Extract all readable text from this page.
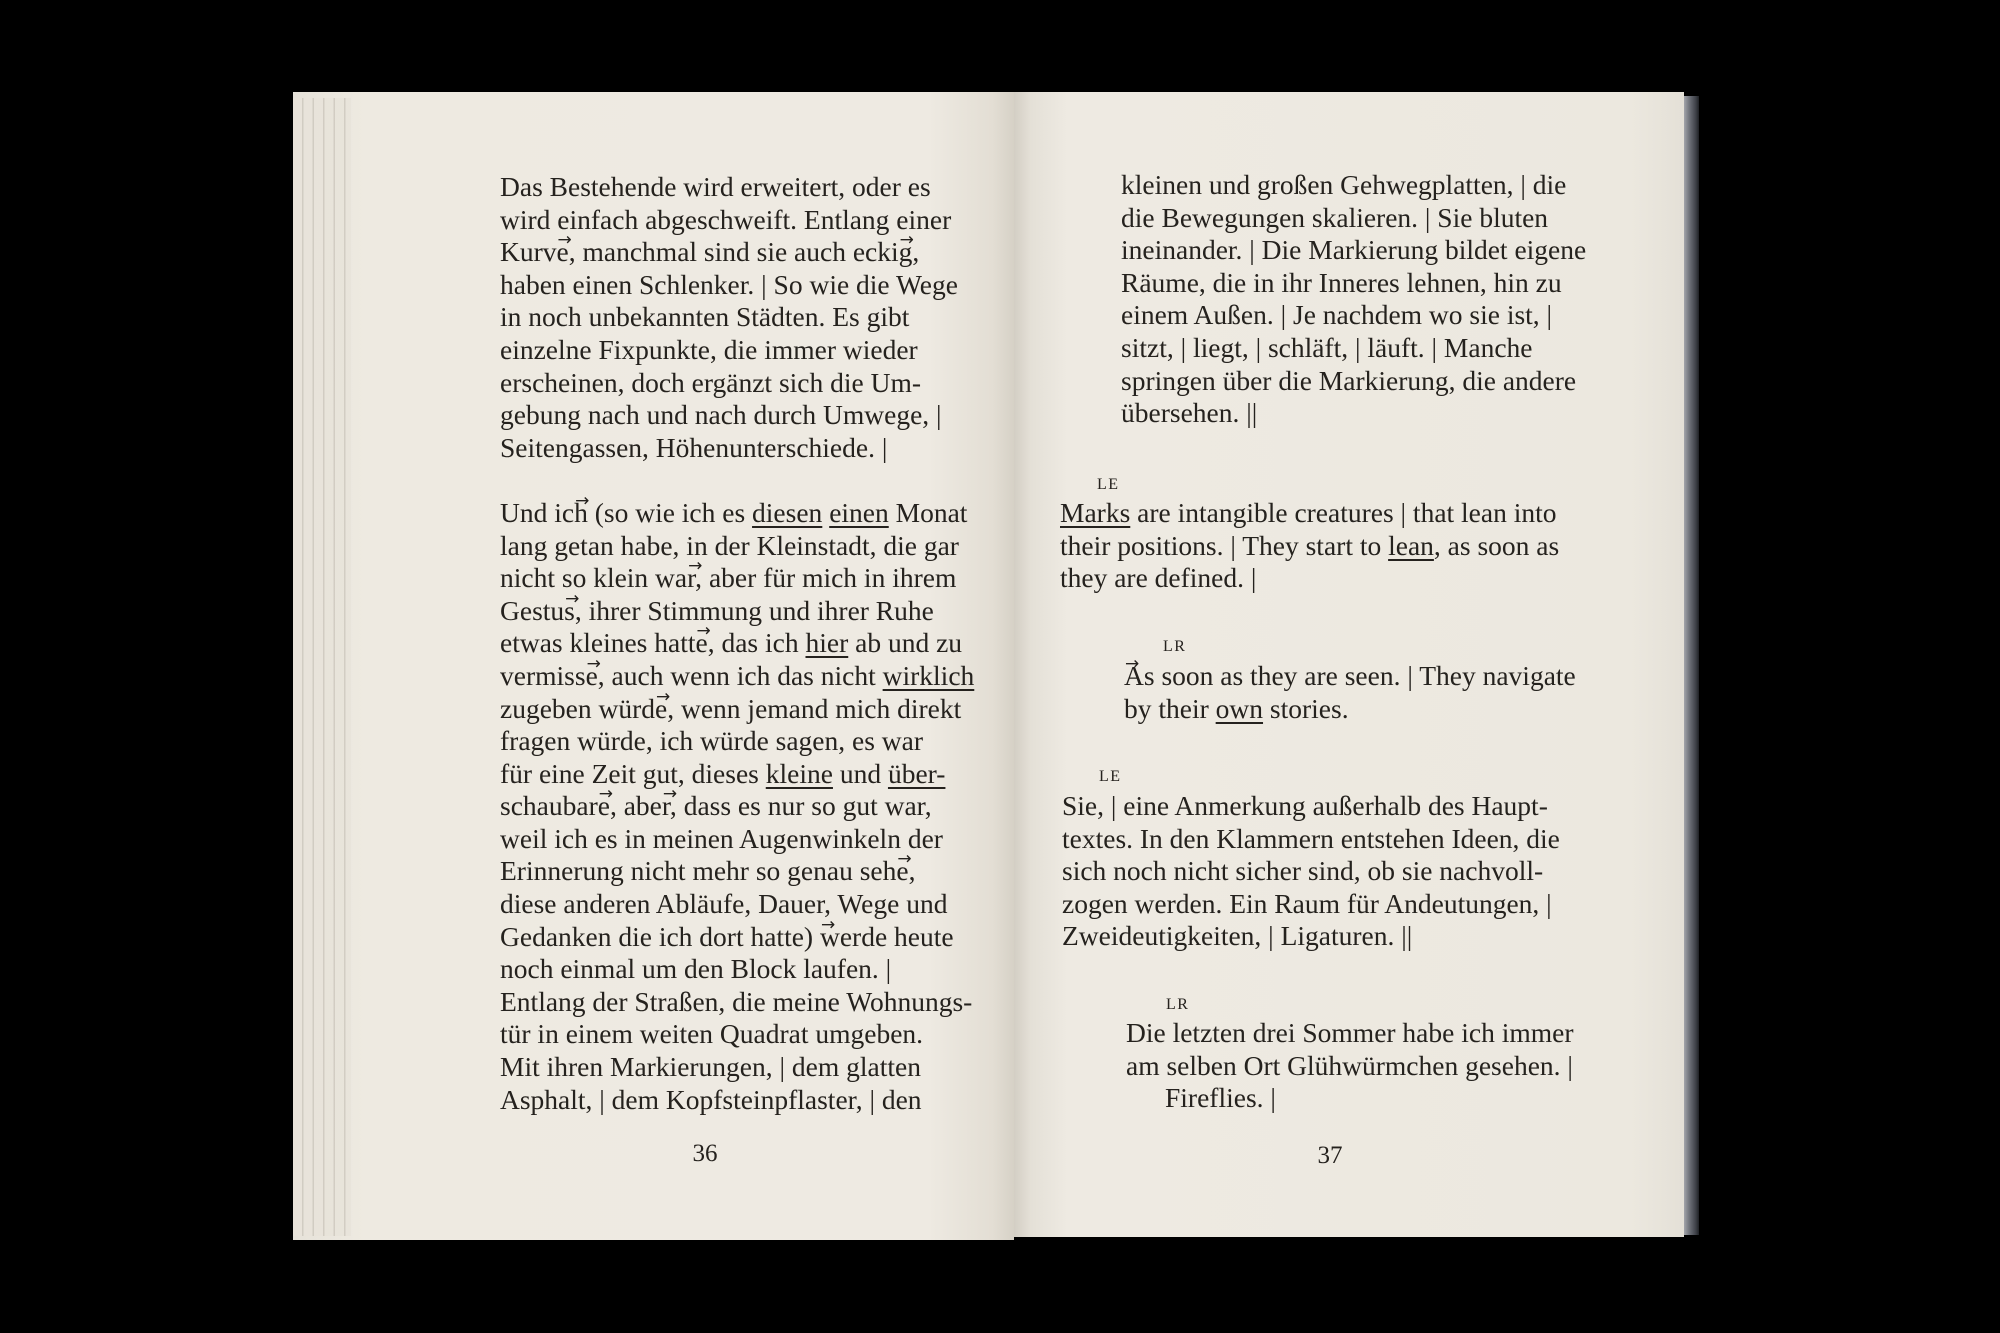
Das Bestehende wird erweitert, oder es
wird einfach abgeschweift. Entlang einer
Kurve, → manchmal sind sie auch eckig, →
haben einen Schlenker. | So wie die Wege
in noch unbekannten Städten. Es gibt
einzelne Fixpunkte, die immer wieder
erscheinen, doch ergänzt sich die Um-
gebung nach und nach durch Umwege, |
Seitengassen, Höhenunterschiede. |
Und ich → (so wie ich es diesen einen Monat
lang getan habe, in der Kleinstadt, die gar
nicht so klein war, → aber für mich in ihrem
Gestus, → ihrer Stimmung und ihrer Ruhe
etwas kleines hatte, → das ich hier ab und zu
vermisse, → auch wenn ich das nicht wirklich
zugeben würde, → wenn jemand mich direkt
fragen würde, ich würde sagen, es war
für eine Zeit gut, dieses kleine und über-
schaubare, → aber, → dass es nur so gut war,
weil ich es in meinen Augenwinkeln der
Erinnerung nicht mehr so genau sehe, →
diese anderen Abläufe, Dauer, Wege und
Gedanken die ich dort hatte) w →erde heute
noch einmal um den Block laufen. |
Entlang der Straßen, die meine Wohnungs-
tür in einem weiten Quadrat umgeben.
Mit ihren Markierungen, | dem glatten
Asphalt, | dem Kopfsteinpflaster, | den
36
kleinen und großen Gehwegplatten, | die
die Bewegungen skalieren. | Sie bluten
ineinander. | Die Markierung bildet eigene
Räume, die in ihr Inneres lehnen, hin zu
einem Außen. | Je nachdem wo sie ist, |
sitzt, | liegt, | schläft, | läuft. | Manche
springen über die Markierung, die andere
übersehen. ||
LE
Marks are intangible creatures | that lean into
their positions. | They start to lean, as soon as
they are defined. |
LR
A →s soon as they are seen. | They navigate
by their own stories.
LE
Sie, | eine Anmerkung außerhalb des Haupt-
textes. In den Klammern entstehen Ideen, die
sich noch nicht sicher sind, ob sie nachvoll-
zogen werden. Ein Raum für Andeutungen, |
Zweideutigkeiten, | Ligaturen. ||
LR
Die letzten drei Sommer habe ich immer
am selben Ort Glühwürmchen gesehen. |
Fireflies. |
37
